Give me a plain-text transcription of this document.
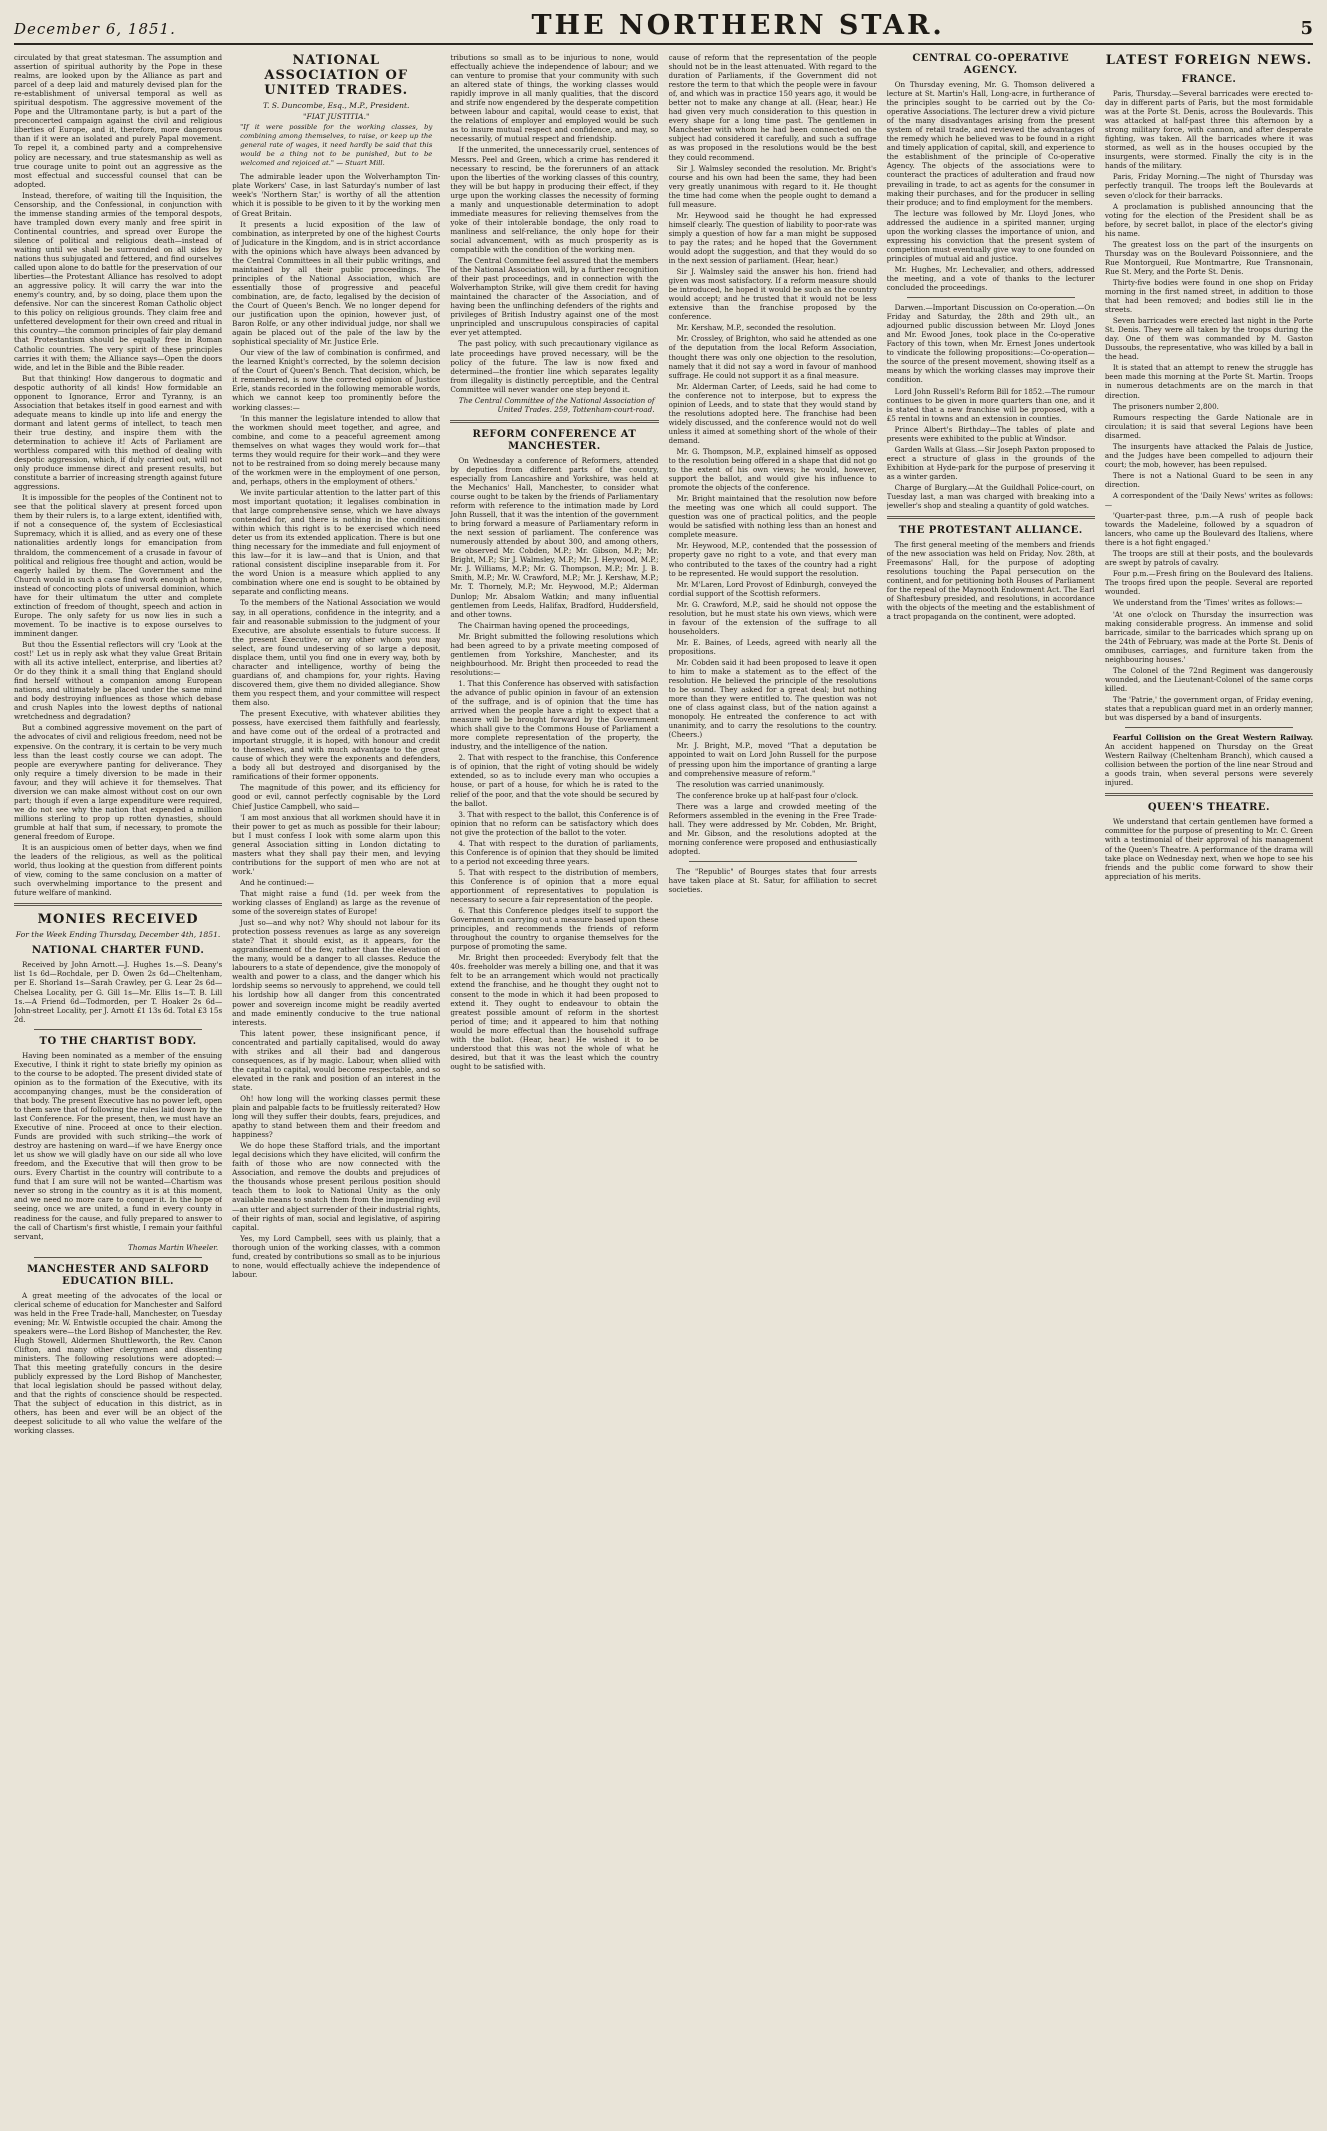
December 6, 1851.	THE NORTHERN STAR.	5

circulated by that great statesman. The assumption and assertion of spiritual authority by the Pope in these realms, are looked upon by the Alliance as part and parcel of a deep laid and maturely devised plan for the re-establishment of universal temporal as well as spiritual despotism. The aggressive movement of the Pope and the Ultramontane party, is but a part of the preconcerted campaign against the civil and religious liberties of Europe, and it, therefore, more dangerous than if it were an isolated and purely Papal movement. To repel it, a combined party and a comprehensive policy are necessary, and true statesmanship as well as true courage unite to point out an aggressive as the most effectual and successful counsel that can be adopted.

Instead, therefore, of waiting till the Inquisition, the Censorship, and the Confessional, in conjunction with the immense standing armies of the temporal despots, have trampled down every manly and free spirit in Continental countries, and spread over Europe the silence of political and religious death—instead of waiting until we shall be surrounded on all sides by nations thus subjugated and fettered, and find ourselves called upon alone to do battle for the preservation of our liberties—the Protestant Alliance has resolved to adopt an aggressive policy. It will carry the war into the enemy's country, and, by so doing, place them upon the defensive. Nor can the sincerest Roman Catholic object to this policy on religious grounds. They claim free and unfettered development for their own creed and ritual in this country—the common principles of fair play demand that Protestantism should be equally free in Roman Catholic countries. The very spirit of these principles carries it with them; the Alliance says—Open the doors wide, and let in the Bible and the Bible reader.

But that thinking! How dangerous to dogmatic and despotic authority of all kinds! How formidable an opponent to Ignorance, Error and Tyranny, is an Association that betakes itself in good earnest and with adequate means to kindle up into life and energy the dormant and latent germs of intellect, to teach men their true destiny, and inspire them with the determination to achieve it! Acts of Parliament are worthless compared with this method of dealing with despotic aggression, which, if duly carried out, will not only produce immense direct and present results, but constitute a barrier of increasing strength against future aggressions.

It is impossible for the peoples of the Continent not to see that the political slavery at present forced upon them by their rulers is, to a large extent, identified with, if not a consequence of, the system of Ecclesiastical Supremacy, which it is allied, and as every one of these nationalities ardently longs for emancipation from thraldom, the commencement of a crusade in favour of political and religious free thought and action, would be eagerly hailed by them. The Government and the Church would in such a case find work enough at home, instead of concocting plots of universal dominion, which have for their ultimatum the utter and complete extinction of freedom of thought, speech and action in Europe. The only safety for us now lies in such a movement. To be inactive is to expose ourselves to imminent danger.

But thou the Essential reflectors will cry 'Look at the cost!' Let us in reply ask what they value Great Britain with all its active intellect, enterprise, and liberties at? Or do they think it a small thing that England should find herself without a companion among European nations, and ultimately be placed under the same mind and body destroying influences as those which debase and crush Naples into the lowest depths of national wretchedness and degradation?

But a combined aggressive movement on the part of the advocates of civil and religious freedom, need not be expensive. On the contrary, it is certain to be very much less than the least costly course we can adopt. The people are everywhere panting for deliverance. They only require a timely diversion to be made in their favour, and they will achieve it for themselves. That diversion we can make almost without cost on our own part; though if even a large expenditure were required, we do not see why the nation that expended a million millions sterling to prop up rotten dynasties, should grumble at half that sum, if necessary, to promote the general freedom of Europe.

It is an auspicious omen of better days, when we find the leaders of the religious, as well as the political world, thus looking at the question from different points of view, coming to the same conclusion on a matter of such overwhelming importance to the present and future welfare of mankind.

MONIES RECEIVED
For the Week Ending Thursday, December 4th, 1851.
NATIONAL CHARTER FUND.

Received by John Arnott.—J. Hughes 1s.—S. Deany's list 1s 6d—Rochdale, per D. Owen 2s 6d—Cheltenham, per E. Shorland 1s—Sarah Crawley, per G. Lear 2s 6d—Chelsea Locality, per G. Gill 1s—Mr. Ellis 1s—T. B. Lill 1s.—A Friend 6d—Todmorden, per T. Hoaker 2s 6d—John-street Locality, per J. Arnott £1 13s 6d. Total £3 15s 2d.

TO THE CHARTIST BODY.

Having been nominated as a member of the ensuing Executive, I think it right to state briefly my opinion as to the course to be adopted. The present divided state of opinion as to the formation of the Executive, with its accompanying changes, must be the consideration of that body. The present Executive has no power left, open to them save that of following the rules laid down by the last Conference. For the present, then, we must have an Executive of nine. Proceed at once to their election. Funds are provided with such striking—the work of destroy are hastening on ward—if we have Energy once let us show we will gladly have on our side all who love freedom, and the Executive that will then grow to be ours. Every Chartist in the country will contribute to a fund that I am sure will not be wanted—Chartism was never so strong in the country as it is at this moment, and we need no more care to conquer it. In the hope of seeing, once we are united, a fund in every county in readiness for the cause, and fully prepared to answer to the call of Chartism's first whistle, I remain your faithful servant,

Thomas Martin Wheeler.
MANCHESTER AND SALFORD EDUCATION BILL.

A great meeting of the advocates of the local or clerical scheme of education for Manchester and Salford was held in the Free Trade-hall, Manchester, on Tuesday evening; Mr. W. Entwistle occupied the chair. Among the speakers were—the Lord Bishop of Manchester, the Rev. Hugh Stowell, Aldermen Shuttleworth, the Rev. Canon Clifton, and many other clergymen and dissenting ministers. The following resolutions were adopted:—That this meeting gratefully concurs in the desire publicly expressed by the Lord Bishop of Manchester, that local legislation should be passed without delay, and that the rights of conscience should be respected. That the subject of education in this district, as in others, has been and ever will be an object of the deepest solicitude to all who value the welfare of the working classes.

NATIONAL ASSOCIATION OF UNITED TRADES.
T. S. Duncombe, Esq., M.P., President.
"FIAT JUSTITIA."
"If it were possible for the working classes, by combining among themselves, to raise, or keep up the general rate of wages, it need hardly be said that this would be a thing not to be punished, but to be welcomed and rejoiced at." — Stuart Mill.

The admirable leader upon the Wolverhampton Tin-plate Workers' Case, in last Saturday's number of last week's 'Northern Star,' is worthy of all the attention which it is possible to be given to it by the working men of Great Britain.

It presents a lucid exposition of the law of combination, as interpreted by one of the highest Courts of Judicature in the Kingdom, and is in strict accordance with the opinions which have always been advanced by the Central Committees in all their public writings, and maintained by all their public proceedings. The principles of the National Association, which are essentially those of progressive and peaceful combination, are, de facto, legalised by the decision of the Court of Queen's Bench. We no longer depend for our justification upon the opinion, however just, of Baron Rolfe, or any other individual judge, nor shall we again be placed out of the pale of the law by the sophistical speciality of Mr. Justice Erle.

Our view of the law of combination is confirmed, and the learned Knight's corrected, by the solemn decision of the Court of Queen's Bench. That decision, which, be it remembered, is now the corrected opinion of Justice Erle, stands recorded in the following memorable words, which we cannot keep too prominently before the working classes:—

'In this manner the legislature intended to allow that the workmen should meet together, and agree, and combine, and come to a peaceful agreement among themselves on what wages they would work for—that terms they would require for their work—and they were not to be restrained from so doing merely because many of the workmen were in the employment of one person, and, perhaps, others in the employment of others.'

We invite particular attention to the latter part of this most important quotation; it legalises combination in that large comprehensive sense, which we have always contended for, and there is nothing in the conditions within which this right is to be exercised which need deter us from its extended application. There is but one thing necessary for the immediate and full enjoyment of this law—for it is law—and that is Union, and that rational consistent discipline inseparable from it. For the word Union is a measure which applied to any combination where one end is sought to be obtained by separate and conflicting means.

To the members of the National Association we would say, in all operations, confidence in the integrity, and a fair and reasonable submission to the judgment of your Executive, are absolute essentials to future success. If the present Executive, or any other whom you may select, are found undeserving of so large a deposit, displace them, until you find one in every way, both by character and intelligence, worthy of being the guardians of, and champions for, your rights. Having discovered them, give them no divided allegiance. Show them you respect them, and your committee will respect them also.

The present Executive, with whatever abilities they possess, have exercised them faithfully and fearlessly, and have come out of the ordeal of a protracted and important struggle, it is hoped, with honour and credit to themselves, and with much advantage to the great cause of which they were the exponents and defenders, a body all but destroyed and disorganised by the ramifications of their former opponents.

The magnitude of this power, and its efficiency for good or evil, cannot perfectly cognisable by the Lord Chief Justice Campbell, who said—

'I am most anxious that all workmen should have it in their power to get as much as possible for their labour; but I must confess I look with some alarm upon this general Association sitting in London dictating to masters what they shall pay their men, and levying contributions for the support of men who are not at work.'

And he continued:—

That might raise a fund (1d. per week from the working classes of England) as large as the revenue of some of the sovereign states of Europe!

Just so—and why not? Why should not labour for its protection possess revenues as large as any sovereign state? That it should exist, as it appears, for the aggrandisement of the few, rather than the elevation of the many, would be a danger to all classes. Reduce the labourers to a state of dependence, give the monopoly of wealth and power to a class, and the danger which his lordship seems so nervously to apprehend, we could tell his lordship how all danger from this concentrated power and sovereign income might be readily averted and made eminently conducive to the true national interests.

This latent power, these insignificant pence, if concentrated and partially capitalised, would do away with strikes and all their bad and dangerous consequences, as if by magic. Labour, when allied with the capital to capital, would become respectable, and so elevated in the rank and position of an interest in the state.

Oh! how long will the working classes permit these plain and palpable facts to be fruitlessly reiterated? How long will they suffer their doubts, fears, prejudices, and apathy to stand between them and their freedom and happiness?

We do hope these Stafford trials, and the important legal decisions which they have elicited, will confirm the faith of those who are now connected with the Association, and remove the doubts and prejudices of the thousands whose present perilous position should teach them to look to National Unity as the only available means to snatch them from the impending evil—an utter and abject surrender of their industrial rights, of their rights of man, social and legislative, of aspiring capital.

Yes, my Lord Campbell, sees with us plainly, that a thorough union of the working classes, with a common fund, created by contributions so small as to be injurious to none, would effectually achieve the independence of labour.

tributions so small as to be injurious to none, would effectually achieve the independence of labour; and we can venture to promise that your community with such an altered state of things, the working classes would rapidly improve in all manly qualities, that the discord and strife now engendered by the desperate competition between labour and capital, would cease to exist, that the relations of employer and employed would be such as to insure mutual respect and confidence, and may, so necessarily, of mutual respect and friendship.

If the unmerited, the unnecessarily cruel, sentences of Messrs. Peel and Green, which a crime has rendered it necessary to rescind, be the forerunners of an attack upon the liberties of the working classes of this country, they will be but happy in producing their effect, if they urge upon the working classes the necessity of forming a manly and unquestionable determination to adopt immediate measures for relieving themselves from the yoke of their intolerable bondage, the only road to manliness and self-reliance, the only hope for their social advancement, with as much prosperity as is compatible with the condition of the working men.

The Central Committee feel assured that the members of the National Association will, by a further recognition of their past proceedings, and in connection with the Wolverhampton Strike, will give them credit for having maintained the character of the Association, and of having been the unflinching defenders of the rights and privileges of British Industry against one of the most unprincipled and unscrupulous conspiracies of capital ever yet attempted.

The past policy, with such precautionary vigilance as late proceedings have proved necessary, will be the policy of the future. The law is now fixed and determined—the frontier line which separates legality from illegality is distinctly perceptible, and the Central Committee will never wander one step beyond it.

The Central Committee of the National Association of United Trades. 259, Tottenham-court-road.
REFORM CONFERENCE AT MANCHESTER.

On Wednesday a conference of Reformers, attended by deputies from different parts of the country, especially from Lancashire and Yorkshire, was held at the Mechanics' Hall, Manchester, to consider what course ought to be taken by the friends of Parliamentary reform with reference to the intimation made by Lord John Russell, that it was the intention of the government to bring forward a measure of Parliamentary reform in the next session of parliament. The conference was numerously attended by about 300, and among others, we observed Mr. Cobden, M.P.; Mr. Gibson, M.P.; Mr. Bright, M.P.; Sir J. Walmsley, M.P.; Mr. J. Heywood, M.P.; Mr. J. Williams, M.P.; Mr. G. Thompson, M.P.; Mr. J. B. Smith, M.P.; Mr. W. Crawford, M.P.; Mr. J. Kershaw, M.P.; Mr. T. Thornely, M.P.; Mr. Heywood, M.P.; Alderman Dunlop; Mr. Absalom Watkin; and many influential gentlemen from Leeds, Halifax, Bradford, Huddersfield, and other towns.

The Chairman having opened the proceedings,

Mr. Bright submitted the following resolutions which had been agreed to by a private meeting composed of gentlemen from Yorkshire, Manchester, and its neighbourhood. Mr. Bright then proceeded to read the resolutions:—

1. That this Conference has observed with satisfaction the advance of public opinion in favour of an extension of the suffrage, and is of opinion that the time has arrived when the people have a right to expect that a measure will be brought forward by the Government which shall give to the Commons House of Parliament a more complete representation of the property, the industry, and the intelligence of the nation.

2. That with respect to the franchise, this Conference is of opinion, that the right of voting should be widely extended, so as to include every man who occupies a house, or part of a house, for which he is rated to the relief of the poor, and that the vote should be secured by the ballot.

3. That with respect to the ballot, this Conference is of opinion that no reform can be satisfactory which does not give the protection of the ballot to the voter.

4. That with respect to the duration of parliaments, this Conference is of opinion that they should be limited to a period not exceeding three years.

5. That with respect to the distribution of members, this Conference is of opinion that a more equal apportionment of representatives to population is necessary to secure a fair representation of the people.

6. That this Conference pledges itself to support the Government in carrying out a measure based upon these principles, and recommends the friends of reform throughout the country to organise themselves for the purpose of promoting the same.

Mr. Bright then proceeded: Everybody felt that the 40s. freeholder was merely a billing one, and that it was felt to be an arrangement which would not practically extend the franchise, and he thought they ought not to consent to the mode in which it had been proposed to extend it. They ought to endeavour to obtain the greatest possible amount of reform in the shortest period of time; and it appeared to him that nothing would be more effectual than the household suffrage with the ballot. (Hear, hear.) He wished it to be understood that this was not the whole of what he desired, but that it was the least which the country ought to be satisfied with.

cause of reform that the representation of the people should not be in the least attenuated. With regard to the duration of Parliaments, if the Government did not restore the term to that which the people were in favour of, and which was in practice 150 years ago, it would be better not to make any change at all. (Hear, hear.) He had given very much consideration to this question in every shape for a long time past. The gentlemen in Manchester with whom he had been connected on the subject had considered it carefully, and such a suffrage as was proposed in the resolutions would be the best they could recommend.

Sir J. Walmsley seconded the resolution. Mr. Bright's course and his own had been the same, they had been very greatly unanimous with regard to it. He thought the time had come when the people ought to demand a full measure.

Mr. Heywood said he thought he had expressed himself clearly. The question of liability to poor-rate was simply a question of how far a man might be supposed to pay the rates; and he hoped that the Government would adopt the suggestion, and that they would do so in the next session of parliament. (Hear, hear.)

Sir J. Walmsley said the answer his hon. friend had given was most satisfactory. If a reform measure should be introduced, he hoped it would be such as the country would accept; and he trusted that it would not be less extensive than the franchise proposed by the conference.

Mr. Kershaw, M.P., seconded the resolution.

Mr. Crossley, of Brighton, who said he attended as one of the deputation from the local Reform Association, thought there was only one objection to the resolution, namely that it did not say a word in favour of manhood suffrage. He could not support it as a final measure.

Mr. Alderman Carter, of Leeds, said he had come to the conference not to interpose, but to express the opinion of Leeds, and to state that they would stand by the resolutions adopted here. The franchise had been widely discussed, and the conference would not do well unless it aimed at something short of the whole of their demand.

Mr. G. Thompson, M.P., explained himself as opposed to the resolution being offered in a shape that did not go to the extent of his own views; he would, however, support the ballot, and would give his influence to promote the objects of the conference.

Mr. Bright maintained that the resolution now before the meeting was one which all could support. The question was one of practical politics, and the people would be satisfied with nothing less than an honest and complete measure.

Mr. Heywood, M.P., contended that the possession of property gave no right to a vote, and that every man who contributed to the taxes of the country had a right to be represented. He would support the resolution.

Mr. M'Laren, Lord Provost of Edinburgh, conveyed the cordial support of the Scottish reformers.

Mr. G. Crawford, M.P., said he should not oppose the resolution, but he must state his own views, which were in favour of the extension of the suffrage to all householders.

Mr. E. Baines, of Leeds, agreed with nearly all the propositions.

Mr. Cobden said it had been proposed to leave it open to him to make a statement as to the effect of the resolution. He believed the principle of the resolutions to be sound. They asked for a great deal; but nothing more than they were entitled to. The question was not one of class against class, but of the nation against a monopoly. He entreated the conference to act with unanimity, and to carry the resolutions to the country. (Cheers.)

Mr. J. Bright, M.P., moved "That a deputation be appointed to wait on Lord John Russell for the purpose of pressing upon him the importance of granting a large and comprehensive measure of reform."

The resolution was carried unanimously.

The conference broke up at half-past four o'clock.

There was a large and crowded meeting of the Reformers assembled in the evening in the Free Trade-hall. They were addressed by Mr. Cobden, Mr. Bright, and Mr. Gibson, and the resolutions adopted at the morning conference were proposed and enthusiastically adopted.

The "Republic" of Bourges states that four arrests have taken place at St. Satur, for affiliation to secret societies.

CENTRAL CO-OPERATIVE AGENCY.

On Thursday evening, Mr. G. Thomson delivered a lecture at St. Martin's Hall, Long-acre, in furtherance of the principles sought to be carried out by the Co-operative Associations. The lecturer drew a vivid picture of the many disadvantages arising from the present system of retail trade, and reviewed the advantages of the remedy which he believed was to be found in a right and timely application of capital, skill, and experience to the establishment of the principle of Co-operative Agency. The objects of the associations were to counteract the practices of adulteration and fraud now prevailing in trade, to act as agents for the consumer in making their purchases, and for the producer in selling their produce; and to find employment for the members.

The lecture was followed by Mr. Lloyd Jones, who addressed the audience in a spirited manner, urging upon the working classes the importance of union, and expressing his conviction that the present system of competition must eventually give way to one founded on principles of mutual aid and justice.

Mr. Hughes, Mr. Lechevalier, and others, addressed the meeting, and a vote of thanks to the lecturer concluded the proceedings.

Darwen.—Important Discussion on Co-operation.—On Friday and Saturday, the 28th and 29th ult., an adjourned public discussion between Mr. Lloyd Jones and Mr. Ewood Jones, took place in the Co-operative Factory of this town, when Mr. Ernest Jones undertook to vindicate the following propositions:—Co-operation—the source of the present movement, showing itself as a means by which the working classes may improve their condition.

Lord John Russell's Reform Bill for 1852.—The rumour continues to be given in more quarters than one, and it is stated that a new franchise will be proposed, with a £5 rental in towns and an extension in counties.

Prince Albert's Birthday—The tables of plate and presents were exhibited to the public at Windsor.

Garden Walls at Glass.—Sir Joseph Paxton proposed to erect a structure of glass in the grounds of the Exhibition at Hyde-park for the purpose of preserving it as a winter garden.

Charge of Burglary.—At the Guildhall Police-court, on Tuesday last, a man was charged with breaking into a jeweller's shop and stealing a quantity of gold watches.

THE PROTESTANT ALLIANCE.

The first general meeting of the members and friends of the new association was held on Friday, Nov. 28th, at Freemasons' Hall, for the purpose of adopting resolutions touching the Papal persecution on the continent, and for petitioning both Houses of Parliament for the repeal of the Maynooth Endowment Act. The Earl of Shaftesbury presided, and resolutions, in accordance with the objects of the meeting and the establishment of a tract propaganda on the continent, were adopted.

LATEST FOREIGN NEWS.
FRANCE.

Paris, Thursday.—Several barricades were erected to-day in different parts of Paris, but the most formidable was at the Porte St. Denis, across the Boulevards. This was attacked at half-past three this afternoon by a strong military force, with cannon, and after desperate fighting, was taken. All the barricades where it was stormed, as well as in the houses occupied by the insurgents, were stormed. Finally the city is in the hands of the military.

Paris, Friday Morning.—The night of Thursday was perfectly tranquil. The troops left the Boulevards at seven o'clock for their barracks.

A proclamation is published announcing that the voting for the election of the President shall be as before, by secret ballot, in place of the elector's giving his name.

The greatest loss on the part of the insurgents on Thursday was on the Boulevard Poissonniere, and the Rue Montorgueil, Rue Montmartre, Rue Transnonain, Rue St. Mery, and the Porte St. Denis.

Thirty-five bodies were found in one shop on Friday morning in the first named street, in addition to those that had been removed; and bodies still lie in the streets.

Seven barricades were erected last night in the Porte St. Denis. They were all taken by the troops during the day. One of them was commanded by M. Gaston Dussoubs, the representative, who was killed by a ball in the head.

It is stated that an attempt to renew the struggle has been made this morning at the Porte St. Martin. Troops in numerous detachments are on the march in that direction.

The prisoners number 2,800.

Rumours respecting the Garde Nationale are in circulation; it is said that several Legions have been disarmed.

The insurgents have attacked the Palais de Justice, and the Judges have been compelled to adjourn their court; the mob, however, has been repulsed.

There is not a National Guard to be seen in any direction.

A correspondent of the 'Daily News' writes as follows:—

'Quarter-past three, p.m.—A rush of people back towards the Madeleine, followed by a squadron of lancers, who came up the Boulevard des Italiens, where there is a hot fight engaged.'

The troops are still at their posts, and the boulevards are swept by patrols of cavalry.

Four p.m.—Fresh firing on the Boulevard des Italiens. The troops fired upon the people. Several are reported wounded.

We understand from the 'Times' writes as follows:—

'At one o'clock on Thursday the insurrection was making considerable progress. An immense and solid barricade, similar to the barricades which sprang up on the 24th of February, was made at the Porte St. Denis of omnibuses, carriages, and furniture taken from the neighbouring houses.'

The Colonel of the 72nd Regiment was dangerously wounded, and the Lieutenant-Colonel of the same corps killed.

The 'Patrie,' the government organ, of Friday evening, states that a republican guard met in an orderly manner, but was dispersed by a band of insurgents.

Fearful Collision on the Great Western Railway. An accident happened on Thursday on the Great Western Railway (Cheltenham Branch), which caused a collision between the portion of the line near Stroud and a goods train, when several persons were severely injured.

QUEEN'S THEATRE.

We understand that certain gentlemen have formed a committee for the purpose of presenting to Mr. C. Green with a testimonial of their approval of his management of the Queen's Theatre. A performance of the drama will take place on Wednesday next, when we hope to see his friends and the public come forward to show their appreciation of his merits.
